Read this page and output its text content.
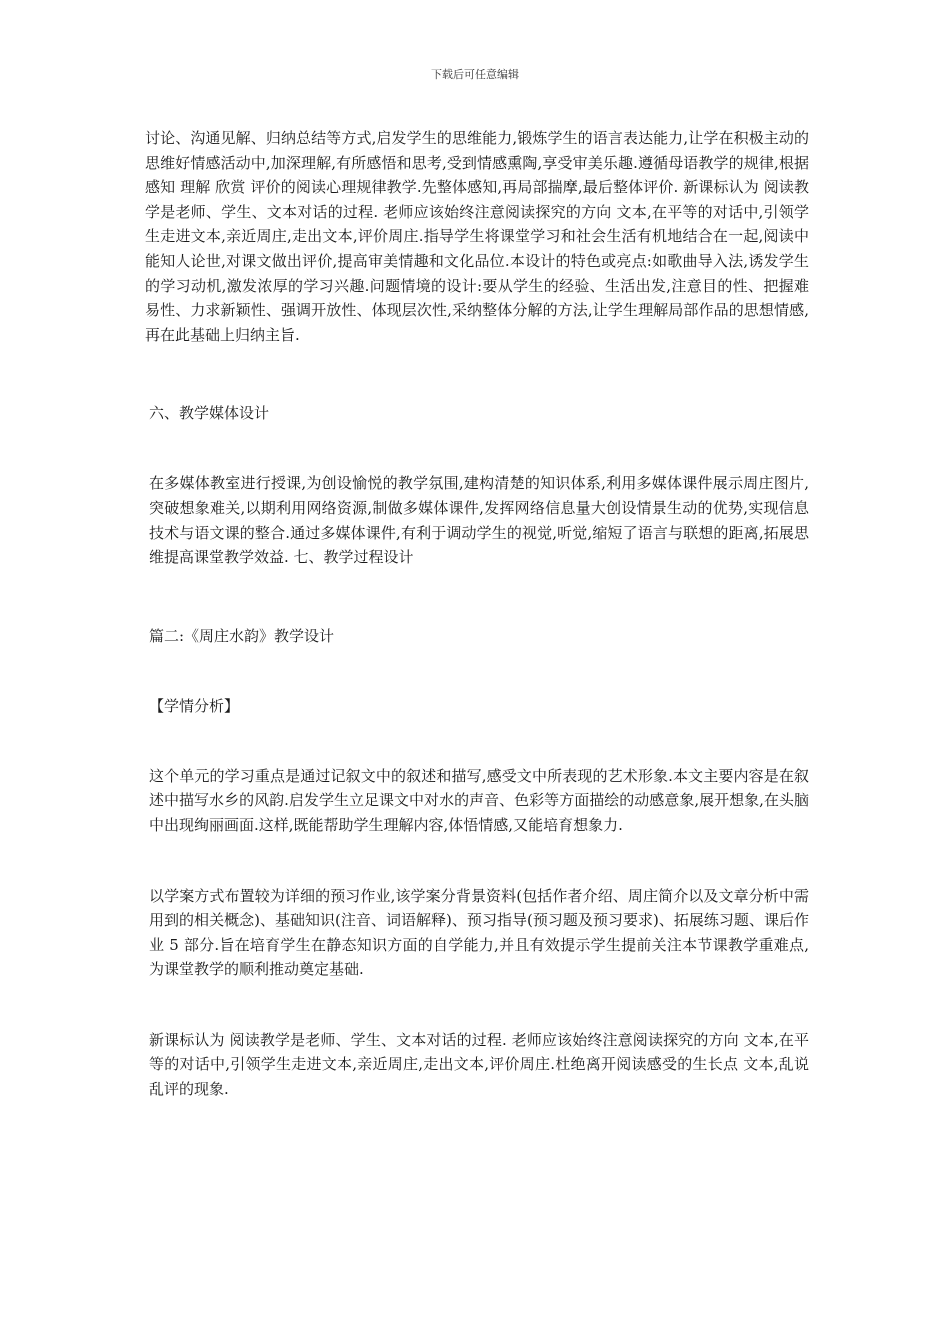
下载后可任意编辑

讨论、沟通见解、归纳总结等方式,启发学生的思维能力,锻炼学生的语言表达能力,让学在积极主动的思维好情感活动中,加深理解,有所感悟和思考,受到情感熏陶,享受审美乐趣.遵循母语教学的规律,根据感知 理解 欣赏 评价的阅读心理规律教学.先整体感知,再局部揣摩,最后整体评价. 新课标认为 阅读教学是老师、学生、文本对话的过程. 老师应该始终注意阅读探究的方向 文本,在平等的对话中,引领学生走进文本,亲近周庄,走出文本,评价周庄.指导学生将课堂学习和社会生活有机地结合在一起,阅读中能知人论世,对课文做出评价,提高审美情趣和文化品位.本设计的特色或亮点:如歌曲导入法,诱发学生的学习动机,激发浓厚的学习兴趣.问题情境的设计:要从学生的经验、生活出发,注意目的性、把握难易性、力求新颖性、强调开放性、体现层次性,采纳整体分解的方法,让学生理解局部作品的思想情感,再在此基础上归纳主旨.

六、教学媒体设计

在多媒体教室进行授课,为创设愉悦的教学氛围,建构清楚的知识体系,利用多媒体课件展示周庄图片,突破想象难关,以期利用网络资源,制做多媒体课件,发挥网络信息量大创设情景生动的优势,实现信息技术与语文课的整合.通过多媒体课件,有利于调动学生的视觉,听觉,缩短了语言与联想的距离,拓展思维提高课堂教学效益. 七、教学过程设计

篇二:《周庄水韵》教学设计

【学情分析】

这个单元的学习重点是通过记叙文中的叙述和描写,感受文中所表现的艺术形象.本文主要内容是在叙述中描写水乡的风韵.启发学生立足课文中对水的声音、色彩等方面描绘的动感意象,展开想象,在头脑中出现绚丽画面.这样,既能帮助学生理解内容,体悟情感,又能培育想象力.

以学案方式布置较为详细的预习作业,该学案分背景资料(包括作者介绍、周庄简介以及文章分析中需用到的相关概念)、基础知识(注音、词语解释)、预习指导(预习题及预习要求)、拓展练习题、课后作业 5 部分.旨在培育学生在静态知识方面的自学能力,并且有效提示学生提前关注本节课教学重难点,为课堂教学的顺利推动奠定基础.

新课标认为 阅读教学是老师、学生、文本对话的过程. 老师应该始终注意阅读探究的方向 文本,在平等的对话中,引领学生走进文本,亲近周庄,走出文本,评价周庄.杜绝离开阅读感受的生长点 文本,乱说乱评的现象.
